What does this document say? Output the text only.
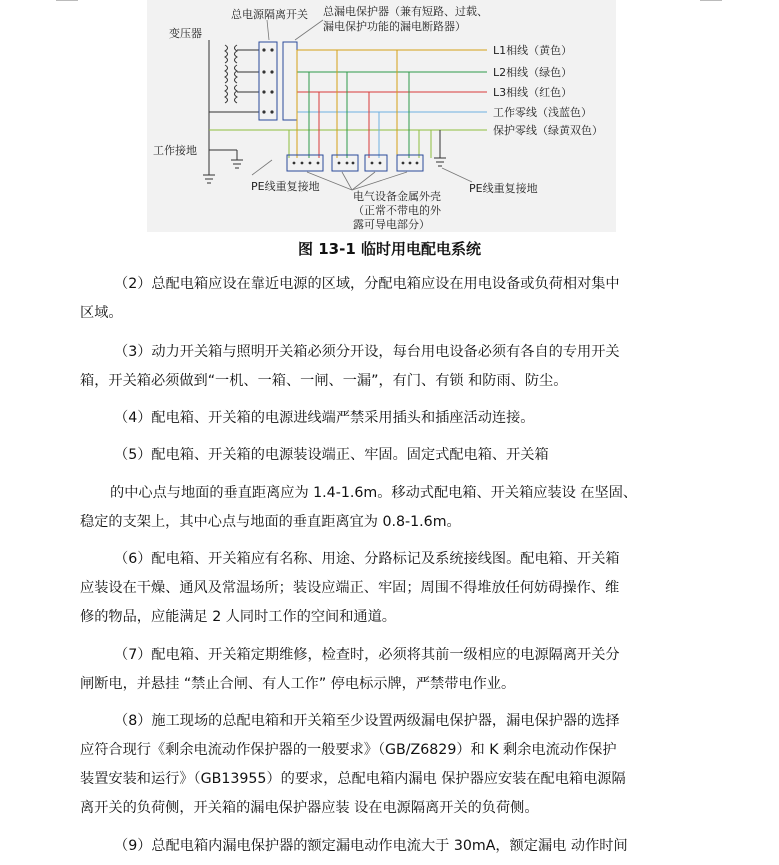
变压器
总电源隔离开关 总漏电保护器（兼有短路、过载、
漏电保护功能的漏电断路器）
L1相线（黄色）
L2相线（绿色）
L3相线（红色）
工作零线（浅蓝色）
保护零线（绿黄双色）
工作接地
PE线重复接地
电气设备金属外壳
（正常不带电的外
露可导电部分）
PE线重复接地
图 13-1 临时用电配电系统
（2）总配电箱应设在靠近电源的区域，分配电箱应设在用电设备或负荷相对集中
区域。
（3）动力开关箱与照明开关箱必须分开设，每台用电设备必须有各自的专用开关
箱，开关箱必须做到“一机、一箱、一闸、一漏”，有门、有锁 和防雨、防尘。
（4）配电箱、开关箱的电源进线端严禁采用插头和插座活动连接。
（5）配电箱、开关箱的电源装设端正、牢固。固定式配电箱、开关箱
的中心点与地面的垂直距离应为 1.4-1.6m。移动式配电箱、开关箱应装设 在坚固、
稳定的支架上，其中心点与地面的垂直距离宜为 0.8-1.6m。
（6）配电箱、开关箱应有名称、用途、分路标记及系统接线图。配电箱、开关箱
应装设在干燥、通风及常温场所；装设应端正、牢固；周围不得堆放任何妨碍操作、维
修的物品，应能满足 2 人同时工作的空间和通道。
（7）配电箱、开关箱定期维修，检查时，必须将其前一级相应的电源隔离开关分
闸断电，并悬挂 “禁止合闸、有人工作” 停电标示牌，严禁带电作业。
（8）施工现场的总配电箱和开关箱至少设置两级漏电保护器，漏电保护器的选择
应符合现行《剩余电流动作保护器的一般要求》（GB/Z6829）和 K 剩余电流动作保护
装置安装和运行》（GB13955）的要求，总配电箱内漏电 保护器应安装在配电箱电源隔
离开关的负荷侧，开关箱的漏电保护器应装 设在电源隔离开关的负荷侧。
（9）总配电箱内漏电保护器的额定漏电动作电流大于 30mA，额定漏电 动作时间
